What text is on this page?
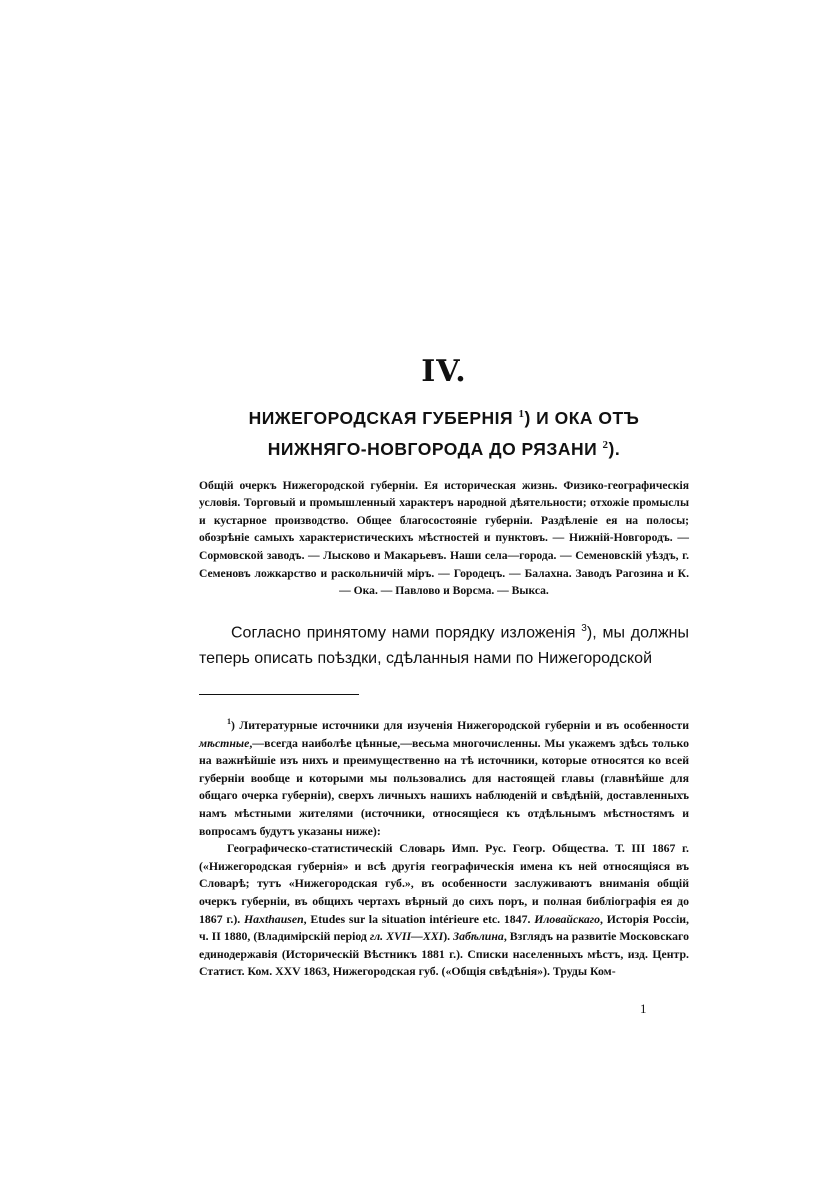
IV.
НИЖЕГОРОДСКАЯ ГУБЕРНІЯ $^1$) И ОКА ОТЪ НИЖНЯГО-НОВГОРОДА ДО РЯЗАНИ $^2$).

Общій очеркъ Нижегородской губерніи. Ея историческая жизнь. Физико-географическія условія. Торговый и промышленный характеръ народной дѣятельности; отхожіе промыслы и кустарное производство. Общее благосостояніе губерніи. Раздѣленіе ея на полосы; обозрѣніе самыхъ характеристическихъ мѣстностей и пунктовъ. — Нижній-Новгородъ. — Сормовской заводъ. — Лысково и Макарьевъ. Наши села—города. — Семеновскій уѣздъ, г. Семеновъ ложкарство и раскольничій міръ. — Городецъ. — Балахна. Заводъ Рагозина и К. — Ока. — Павлово и Ворсма. — Выкса.

Согласно принятому нами порядку изложенія $^3$), мы должны теперь описать поѣздки, сдѣланныя нами по Нижегородской

$^1$) Литературные источники для изученія Нижегородской губерніи и въ особенности мѣстные,—всегда наиболѣе цѣнные,—весьма многочисленны. Мы укажемъ здѣсь только на важнѣйшіе изъ нихъ и преимущественно на тѣ источники, которые относятся ко всей губерніи вообще и которыми мы пользовались для настоящей главы (главнѣйше для общаго очерка губерніи), сверхъ личныхъ нашихъ наблюденій и свѣдѣній, доставленныхъ намъ мѣстными жителями (источники, относящіеся къ отдѣльнымъ мѣстностямъ и вопросамъ будутъ указаны ниже):

Географическо-статистическій Словарь Имп. Рус. Геогр. Общества. Т. III 1867 г. («Нижегородская губернія» и всѣ другія географическія имена къ ней относящіяся въ Словарѣ; тутъ «Нижегородская губ.», въ особенности заслуживаютъ вниманія общій очеркъ губерніи, въ общихъ чертахъ вѣрный до сихъ поръ, и полная библіографія ея до 1867 г.). Haxthausen, Etudes sur la situation intérieure etc. 1847. Иловайскаго, Исторія Россіи, ч. II 1880, (Владимірскій період гл. XVII—XXI). Забѣлина, Взглядъ на развитіе Московскаго единодержавія (Историческій Вѣстникъ 1881 г.). Списки населенныхъ мѣстъ, изд. Центр. Статист. Ком. XXV 1863, Нижегородская губ. («Общія свѣдѣнія»). Труды Ком-

1
